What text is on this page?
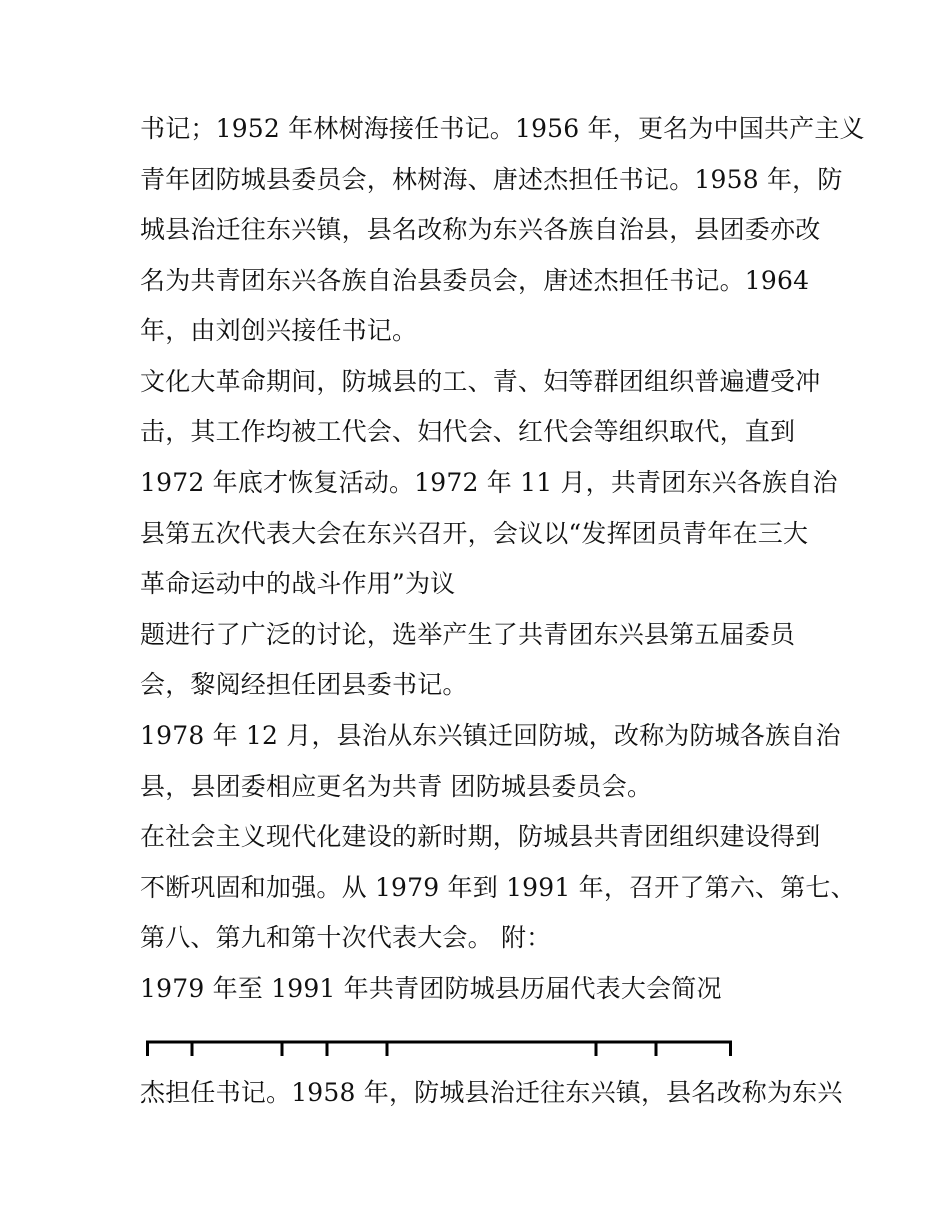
书记；1952 年林树海接任书记。1956 年，更名为中国共产主义
青年团防城县委员会，林树海、唐述杰担任书记。1958 年，防
城县治迁往东兴镇，县名改称为东兴各族自治县，县团委亦改
名为共青团东兴各族自治县委员会，唐述杰担任书记。1964
年，由刘创兴接任书记。
文化大革命期间，防城县的工、青、妇等群团组织普遍遭受冲
击，其工作均被工代会、妇代会、红代会等组织取代，直到
1972 年底才恢复活动。1972 年 11 月，共青团东兴各族自治
县第五次代表大会在东兴召开，会议以“发挥团员青年在三大
革命运动中的战斗作用”为议
题进行了广泛的讨论，选举产生了共青团东兴县第五届委员
会，黎阅经担任团县委书记。
1978 年 12 月，县治从东兴镇迁回防城，改称为防城各族自治
县，县团委相应更名为共青 团防城县委员会。
在社会主义现代化建设的新时期，防城县共青团组织建设得到
不断巩固和加强。从 1979 年到 1991 年，召开了第六、第七、
第八、第九和第十次代表大会。 附：
1979 年至 1991 年共青团防城县历届代表大会简况
杰担任书记。1958 年，防城县治迁往东兴镇，县名改称为东兴
